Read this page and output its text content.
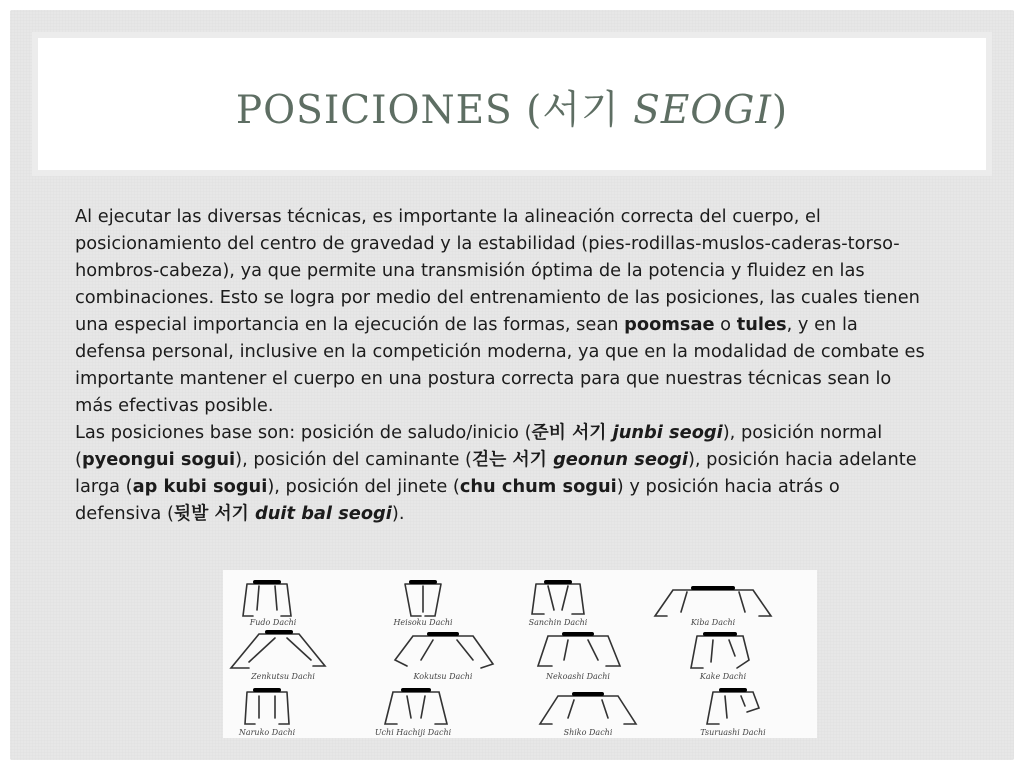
POSICIONES (서기 SEOGI)

Al ejecutar las diversas técnicas, es importante la alineación correcta del cuerpo, el posicionamiento del centro de gravedad y la estabilidad (pies-rodillas-muslos-caderas-torso-hombros-cabeza), ya que permite una transmisión óptima de la potencia y fluidez en las combinaciones. Esto se logra por medio del entrenamiento de las posiciones, las cuales tienen una especial importancia en la ejecución de las formas, sean poomsae o tules, y en la defensa personal, inclusive en la competición moderna, ya que en la modalidad de combate es importante mantener el cuerpo en una postura correcta para que nuestras técnicas sean lo más efectivas posible.

Las posiciones base son: posición de saludo/inicio (준비 서기 junbi seogi), posición normal (pyeongui sogui), posición del caminante (걷는 서기 geonun seogi), posición hacia adelante larga (ap kubi sogui), posición del jinete (chu chum sogui) y posición hacia atrás o defensiva (뒷발 서기 duit bal seogi).

Fudo Dachi	Heisoku Dachi	Sanchin Dachi	Kiba Dachi
Zenkutsu Dachi	Kokutsu Dachi	Nekoashi Dachi	Kake Dachi
Naruko Dachi	Uchi Hachiji Dachi	Shiko Dachi	Tsuruashi Dachi
